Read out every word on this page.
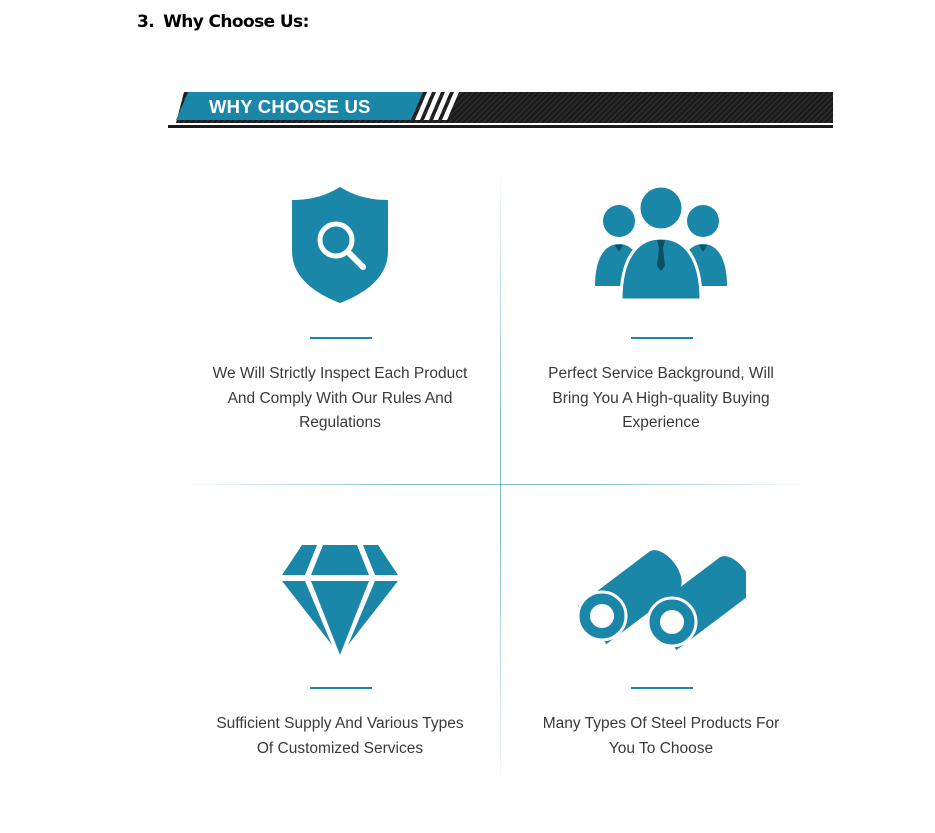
3. Why Choose Us:
WHY CHOOSE US
We Will Strictly Inspect Each Product And Comply With Our Rules And Regulations
Perfect Service Background, Will Bring You A High-quality Buying Experience
Sufficient Supply And Various Types Of Customized Services
Many Types Of Steel Products For You To Choose
